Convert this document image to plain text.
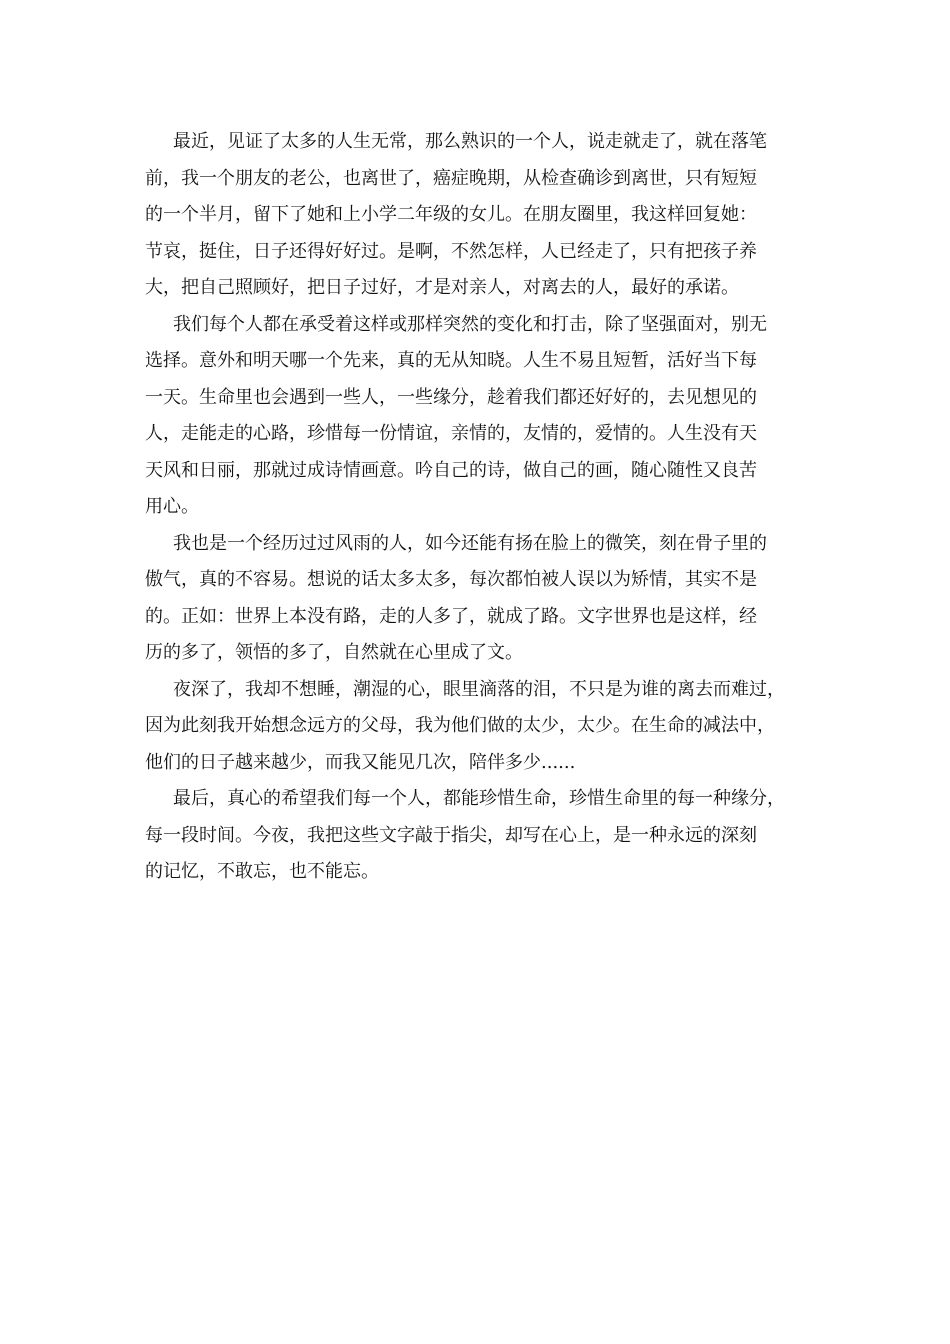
最近，见证了太多的人生无常，那么熟识的一个人，说走就走了，就在落笔
前，我一个朋友的老公，也离世了，癌症晚期，从检查确诊到离世，只有短短
的一个半月，留下了她和上小学二年级的女儿。在朋友圈里，我这样回复她：
节哀，挺住，日子还得好好过。是啊，不然怎样，人已经走了，只有把孩子养
大，把自己照顾好，把日子过好，才是对亲人，对离去的人，最好的承诺。

我们每个人都在承受着这样或那样突然的变化和打击，除了坚强面对，别无
选择。意外和明天哪一个先来，真的无从知晓。人生不易且短暂，活好当下每
一天。生命里也会遇到一些人，一些缘分，趁着我们都还好好的，去见想见的
人，走能走的心路，珍惜每一份情谊，亲情的，友情的，爱情的。人生没有天
天风和日丽，那就过成诗情画意。吟自己的诗，做自己的画，随心随性又良苦
用心。

我也是一个经历过过风雨的人，如今还能有扬在脸上的微笑，刻在骨子里的
傲气，真的不容易。想说的话太多太多，每次都怕被人误以为矫情，其实不是
的。正如：世界上本没有路，走的人多了，就成了路。文字世界也是这样，经
历的多了，领悟的多了，自然就在心里成了文。

夜深了，我却不想睡，潮湿的心，眼里滴落的泪，不只是为谁的离去而难过，
因为此刻我开始想念远方的父母，我为他们做的太少，太少。在生命的减法中，
他们的日子越来越少，而我又能见几次，陪伴多少......

最后，真心的希望我们每一个人，都能珍惜生命，珍惜生命里的每一种缘分，
每一段时间。今夜，我把这些文字敲于指尖，却写在心上，是一种永远的深刻
的记忆，不敢忘，也不能忘。
